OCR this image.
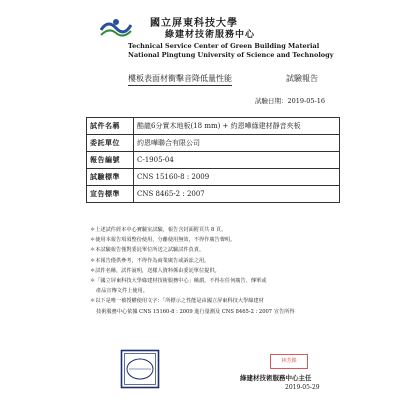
國立屏東科技大學
綠建材技術服務中心
Technical Service Center of Green Building Material
National Pingtung University of Science and Technology
樓板表面材衝擊音降低量性能	試驗報告
試驗日期：2019-05-16
試件名稱	酷龍6分實木地板(18 mm) + 約恩嘩綠建材靜音夾板
委託單位	約恩嘩聯合有限公司
報告編號	C-1905-04
試驗標準	CNS 15160-8 : 2009
宣告標準	CNS 8465-2 : 2007
＊上述試件經本中心實驗室試驗，報告含封面附頁共 8 頁。
＊使用本報告項須整份使用，分離使用無效，不得作廣告聲明。
＊本試驗報告僅對委託單位所送之試驗試件負責。
＊本報告僅供參考，不得作為商業廣告或訴訟之用。
＊試件名稱，試件說明，送樣人資料係由委託單位提供。
＊「國立屏東科技大學綠建材技術服務中心」稱謂，不得在任何廣告、傳單或
產品宣傳文件上使用。
＊以下是唯一被授權使用文字：「所標示之性能是由國立屏東科技大學綠建材
技術服務中心依據 CNS 15160-8 : 2009 進行量測及 CNS 8465-2 : 2007 宣告所得
林芳銘
綠建材技術服務中心主任
2019-05-29
